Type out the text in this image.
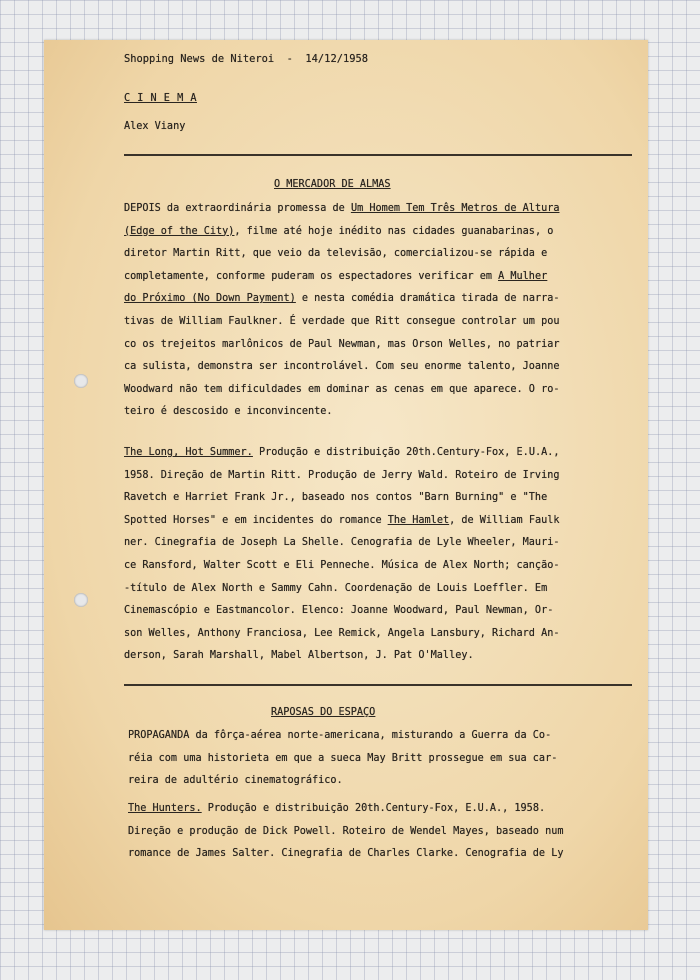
Shopping News de Niteroi  -  14/12/1958

C I N E M A

Alex Viany

O MERCADOR DE ALMAS

DEPOIS da extraordinária promessa de Um Homem Tem Três Metros de Altura
(Edge of the City), filme até hoje inédito nas cidades guanabarinas, o
diretor Martin Ritt, que veio da televisão, comercializou-se rápida e
completamente, conforme puderam os espectadores verificar em A Mulher
do Próximo (No Down Payment) e nesta comédia dramática tirada de narra-
tivas de William Faulkner. É verdade que Ritt consegue controlar um pou
co os trejeitos marlônicos de Paul Newman, mas Orson Welles, no patriar
ca sulista, demonstra ser incontrolável. Com seu enorme talento, Joanne
Woodward não tem dificuldades em dominar as cenas em que aparece. O ro-
teiro é descosido e inconvincente.
The Long, Hot Summer. Produção e distribuição 20th.Century-Fox, E.U.A.,
1958. Direção de Martin Ritt. Produção de Jerry Wald. Roteiro de Irving
Ravetch e Harriet Frank Jr., baseado nos contos "Barn Burning" e "The
Spotted Horses" e em incidentes do romance The Hamlet, de William Faulk
ner. Cinegrafia de Joseph La Shelle. Cenografia de Lyle Wheeler, Mauri-
ce Ransford, Walter Scott e Eli Penneche. Música de Alex North; canção-
-título de Alex North e Sammy Cahn. Coordenação de Louis Loeffler. Em
Cinemascópio e Eastmancolor. Elenco: Joanne Woodward, Paul Newman, Or-
son Welles, Anthony Franciosa, Lee Remick, Angela Lansbury, Richard An-
derson, Sarah Marshall, Mabel Albertson, J. Pat O'Malley.

RAPOSAS DO ESPAÇO

PROPAGANDA da fôrça-aérea norte-americana, misturando a Guerra da Co-
réia com uma historieta em que a sueca May Britt prossegue em sua car-
reira de adultério cinematográfico.
The Hunters. Produção e distribuição 20th.Century-Fox, E.U.A., 1958.
Direção e produção de Dick Powell. Roteiro de Wendel Mayes, baseado num
romance de James Salter. Cinegrafia de Charles Clarke. Cenografia de Ly
